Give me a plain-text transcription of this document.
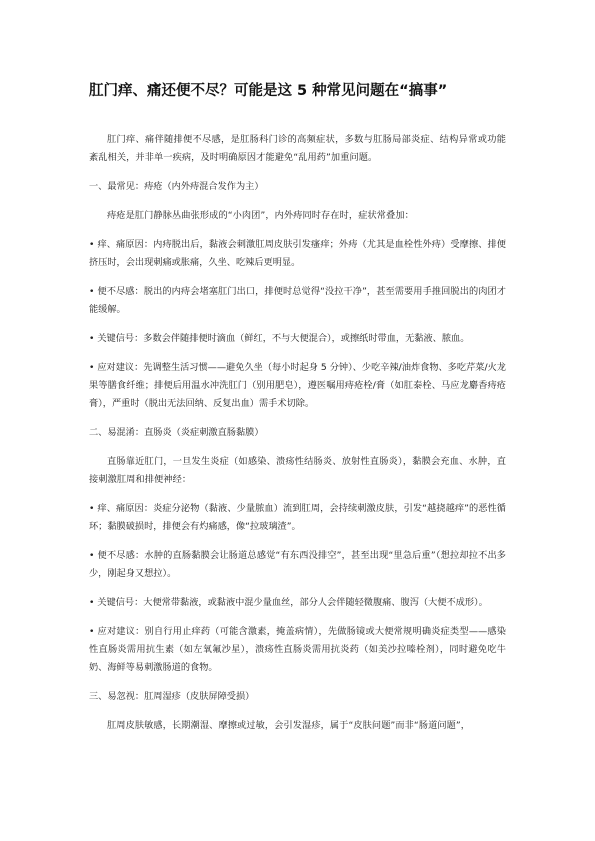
肛门痒、痛还便不尽？可能是这 5 种常见问题在“搞事”

肛门痒、痛伴随排便不尽感，是肛肠科门诊的高频症状，多数与肛肠局部炎症、结构异常或功能紊乱相关，并非单一疾病，及时明确原因才能避免“乱用药”加重问题。

一、最常见：痔疮（内外痔混合发作为主）

痔疮是肛门静脉丛曲张形成的“小肉团”，内外痔同时存在时，症状常叠加：

• 痒、痛原因：内痔脱出后，黏液会刺激肛周皮肤引发瘙痒；外痔（尤其是血栓性外痔）受摩擦、排便挤压时，会出现刺痛或胀痛，久坐、吃辣后更明显。

• 便不尽感：脱出的内痔会堵塞肛门出口，排便时总觉得“没拉干净”，甚至需要用手推回脱出的肉团才能缓解。

• 关键信号：多数会伴随排便时滴血（鲜红，不与大便混合），或擦纸时带血，无黏液、脓血。

• 应对建议：先调整生活习惯——避免久坐（每小时起身 5 分钟）、少吃辛辣/油炸食物、多吃芹菜/火龙果等膳食纤维；排便后用温水冲洗肛门（别用肥皂），遵医嘱用痔疮栓/膏（如肛泰栓、马应龙麝香痔疮膏），严重时（脱出无法回纳、反复出血）需手术切除。

二、易混淆：直肠炎（炎症刺激直肠黏膜）

直肠靠近肛门，一旦发生炎症（如感染、溃疡性结肠炎、放射性直肠炎），黏膜会充血、水肿，直接刺激肛周和排便神经：

• 痒、痛原因：炎症分泌物（黏液、少量脓血）流到肛周，会持续刺激皮肤，引发“越挠越痒”的恶性循环；黏膜破损时，排便会有灼痛感，像“拉玻璃渣”。

• 便不尽感：水肿的直肠黏膜会让肠道总感觉“有东西没排空”，甚至出现“里急后重”（想拉却拉不出多少，刚起身又想拉）。

• 关键信号：大便常带黏液，或黏液中混少量血丝，部分人会伴随轻微腹痛、腹泻（大便不成形）。

• 应对建议：别自行用止痒药（可能含激素，掩盖病情），先做肠镜或大便常规明确炎症类型——感染性直肠炎需用抗生素（如左氧氟沙星），溃疡性直肠炎需用抗炎药（如美沙拉嗪栓剂），同时避免吃牛奶、海鲜等易刺激肠道的食物。

三、易忽视：肛周湿疹（皮肤屏障受损）

肛周皮肤敏感，长期潮湿、摩擦或过敏，会引发湿疹，属于“皮肤问题”而非“肠道问题”，
